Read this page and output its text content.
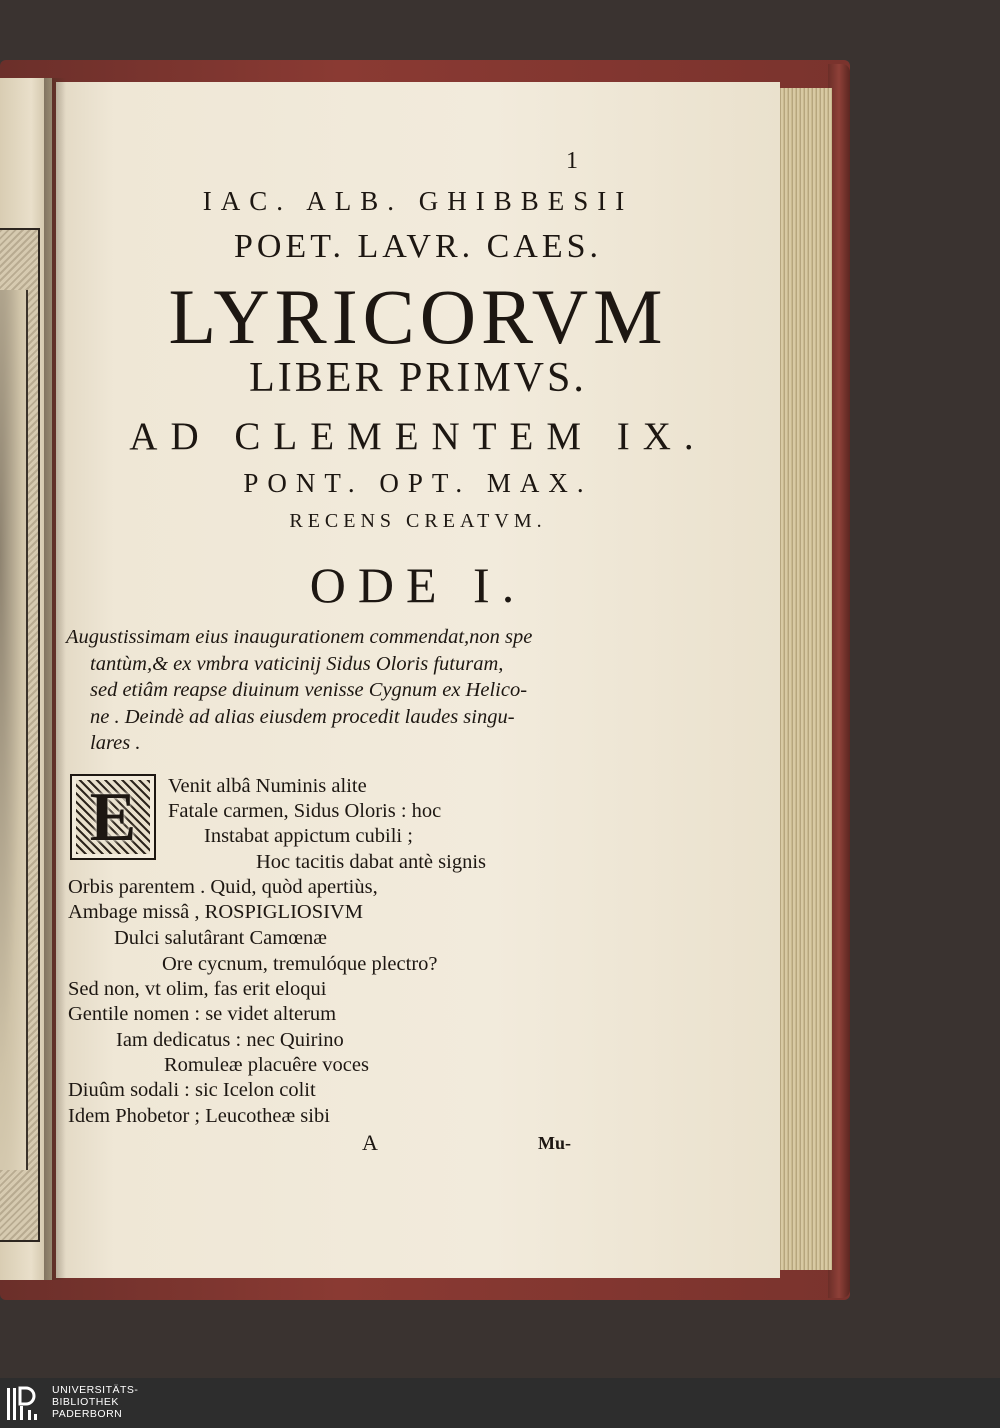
1
IAC. ALB. GHIBBESII
POET. LAVR. CAES.
LYRICORVM
LIBER PRIMVS.
AD CLEMENTEM IX.
PONT. OPT. MAX.
RECENS CREATVM.
ODE I.
Augustissimam eius inaugurationem commendat,non spe
tantùm,& ex vmbra vaticinij Sidus Oloris futuram,
sed etiâm reapse diuinum venisse Cygnum ex Helico-
ne . Deindè ad alias eiusdem procedit laudes singu-
lares .
E	Venit albâ Numinis alite
Fatale carmen, Sidus Oloris : hoc
Instabat appictum cubili ;
Hoc tacitis dabat antè signis
Orbis parentem . Quid, quòd apertiùs,
Ambage missâ , ROSPIGLIOSIVM
Dulci salutârant Camœnæ
Ore cycnum, tremulóque plectro?
Sed non, vt olim, fas erit eloqui
Gentile nomen : se videt alterum
Iam dedicatus : nec Quirino
Romuleæ placuêre voces
Diuûm sodali : sic Icelon colit
Idem Phobetor ; Leucotheæ sibi
A	Mu-
UNIVERSITÄTS-
BIBLIOTHEK
PADERBORN
